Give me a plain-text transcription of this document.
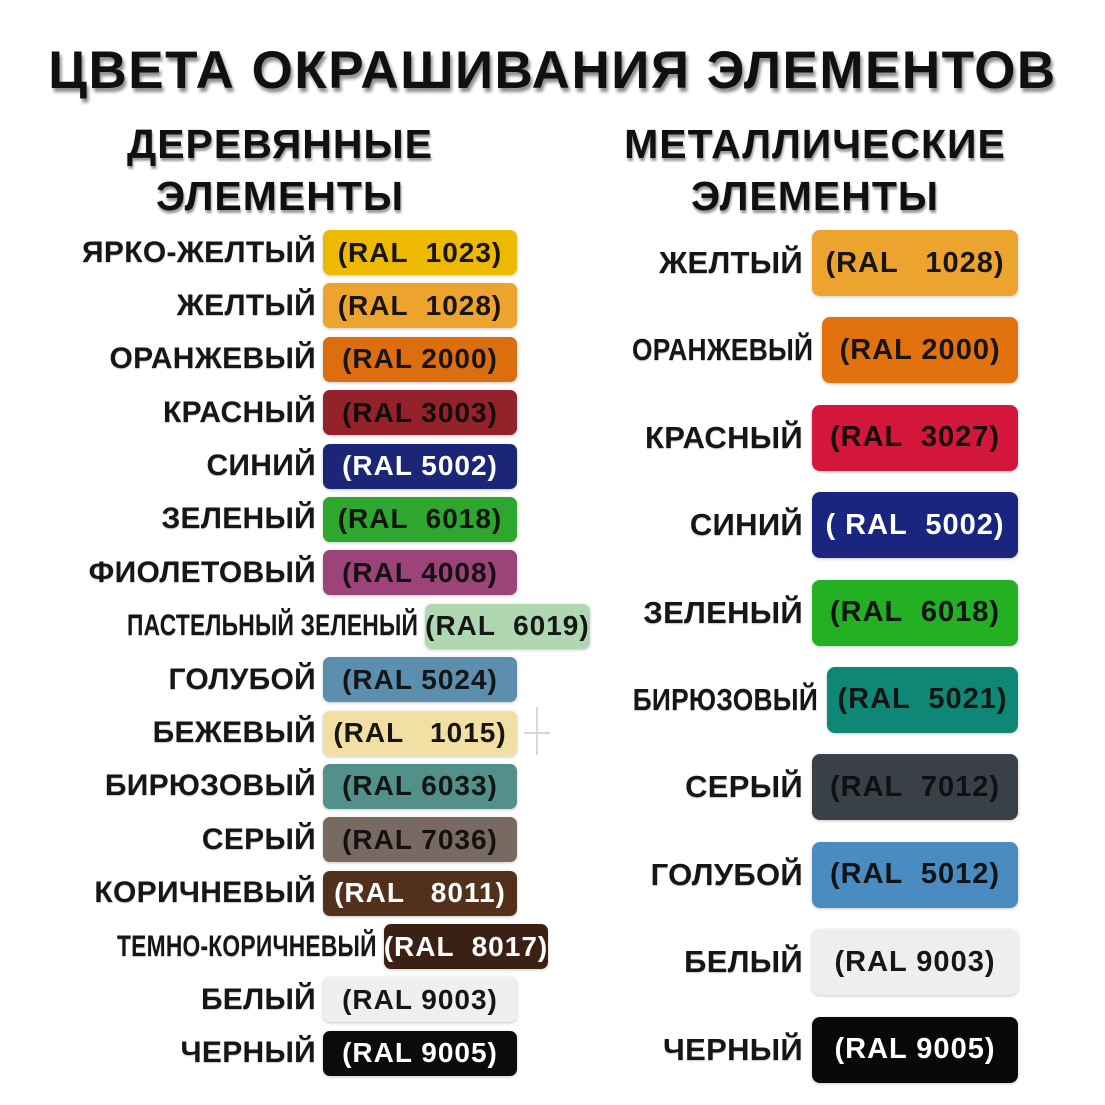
ЦВЕТА ОКРАШИВАНИЯ ЭЛЕМЕНТОВ
ДЕРЕВЯННЫЕ
ЭЛЕМЕНТЫ
МЕТАЛЛИЧЕСКИЕ
ЭЛЕМЕНТЫ
ЯРКО-ЖЕЛТЫЙ (RAL  1023)
ЖЕЛТЫЙ (RAL  1028)
ОРАНЖЕВЫЙ (RAL 2000)
КРАСНЫЙ (RAL 3003)
СИНИЙ (RAL 5002)
ЗЕЛЕНЫЙ (RAL  6018)
ФИОЛЕТОВЫЙ (RAL 4008)
ПАСТЕЛЬНЫЙ ЗЕЛЕНЫЙ (RAL  6019)
ГОЛУБОЙ (RAL 5024)
БЕЖЕВЫЙ (RAL   1015)
БИРЮЗОВЫЙ (RAL 6033)
СЕРЫЙ (RAL 7036)
КОРИЧНЕВЫЙ (RAL   8011)
ТЕМНО-КОРИЧНЕВЫЙ (RAL  8017)
БЕЛЫЙ (RAL 9003)
ЧЕРНЫЙ (RAL 9005)
ЖЕЛТЫЙ (RAL   1028)
ОРАНЖЕВЫЙ (RAL 2000)
КРАСНЫЙ (RAL  3027)
СИНИЙ ( RAL  5002)
ЗЕЛЕНЫЙ (RAL  6018)
БИРЮЗОВЫЙ (RAL  5021)
СЕРЫЙ (RAL  7012)
ГОЛУБОЙ (RAL  5012)
БЕЛЫЙ	(RAL 9003)
ЧЕРНЫЙ	(RAL 9005)
